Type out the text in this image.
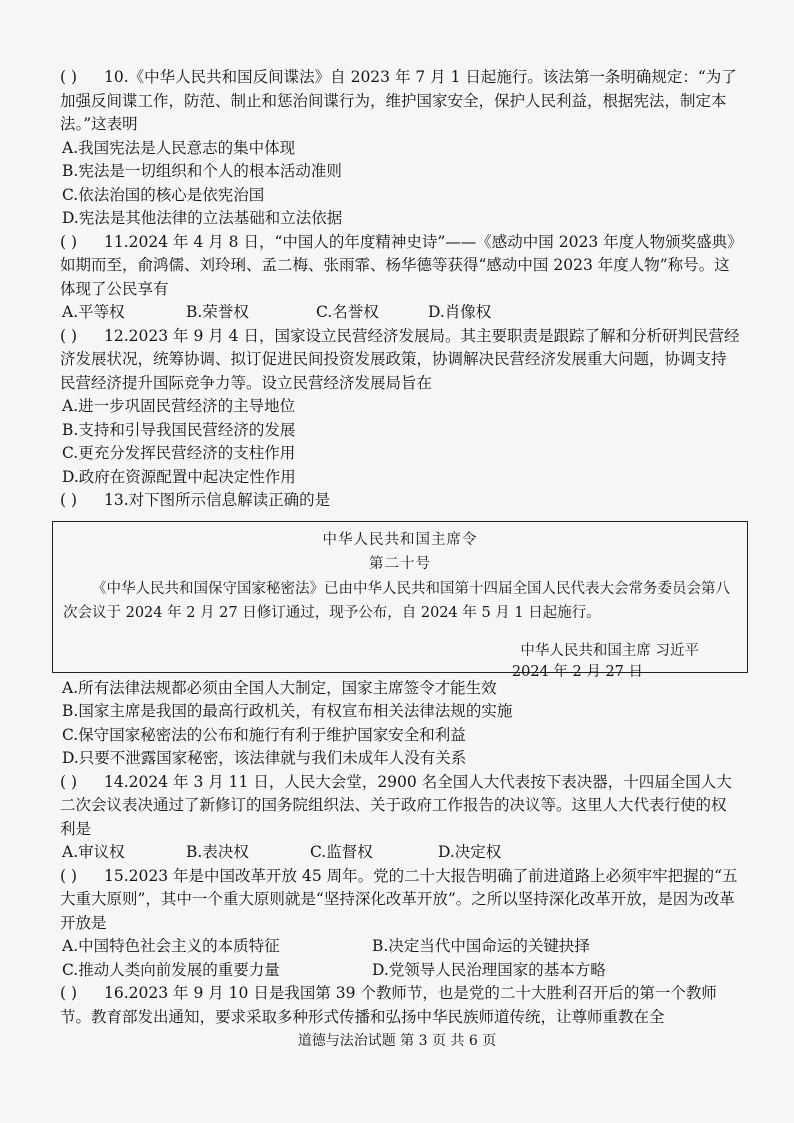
( ) 10.《中华人民共和国反间谍法》自 2023 年 7 月 1 日起施行。该法第一条明确规定：“为了加强反间谍工作，防范、制止和惩治间谍行为，维护国家安全，保护人民利益，根据宪法，制定本法。”这表明
A.我国宪法是人民意志的集中体现
B.宪法是一切组织和个人的根本活动准则
C.依法治国的核心是依宪治国
D.宪法是其他法律的立法基础和立法依据
( ) 11.2024 年 4 月 8 日，“中国人的年度精神史诗”——《感动中国 2023 年度人物颁奖盛典》如期而至，俞鸿儒、刘玲琍、孟二梅、张雨霏、杨华德等获得“感动中国 2023 年度人物”称号。这体现了公民享有
A.平等权	B.荣誉权	C.名誉权	D.肖像权
( ) 12.2023 年 9 月 4 日，国家设立民营经济发展局。其主要职责是跟踪了解和分析研判民营经济发展状况，统筹协调、拟订促进民间投资发展政策，协调解决民营经济发展重大问题，协调支持民营经济提升国际竞争力等。设立民营经济发展局旨在
A.进一步巩固民营经济的主导地位
B.支持和引导我国民营经济的发展
C.更充分发挥民营经济的支柱作用
D.政府在资源配置中起决定性作用
( ) 13.对下图所示信息解读正确的是
中华人民共和国主席令
第二十号
《中华人民共和国保守国家秘密法》已由中华人民共和国第十四届全国人民代表大会常务委员会第八次会议于 2024 年 2 月 27 日修订通过，现予公布，自 2024 年 5 月 1 日起施行。
中华人民共和国主席 习近平
2024 年 2 月 27 日
A.所有法律法规都必须由全国人大制定，国家主席签令才能生效
B.国家主席是我国的最高行政机关，有权宣布相关法律法规的实施
C.保守国家秘密法的公布和施行有利于维护国家安全和利益
D.只要不泄露国家秘密，该法律就与我们未成年人没有关系
( ) 14.2024 年 3 月 11 日，人民大会堂，2900 名全国人大代表按下表决器，十四届全国人大二次会议表决通过了新修订的国务院组织法、关于政府工作报告的决议等。这里人大代表行使的权利是
A.审议权	B.表决权	C.监督权	D.决定权
( ) 15.2023 年是中国改革开放 45 周年。党的二十大报告明确了前进道路上必须牢牢把握的“五大重大原则”，其中一个重大原则就是“坚持深化改革开放”。之所以坚持深化改革开放，是因为改革开放是
A.中国特色社会主义的本质特征	B.决定当代中国命运的关键抉择
C.推动人类向前发展的重要力量	D.党领导人民治理国家的基本方略
( ) 16.2023 年 9 月 10 日是我国第 39 个教师节，也是党的二十大胜利召开后的第一个教师节。教育部发出通知，要求采取多种形式传播和弘扬中华民族师道传统，让尊师重教在全
道德与法治试题 第 3 页 共 6 页
